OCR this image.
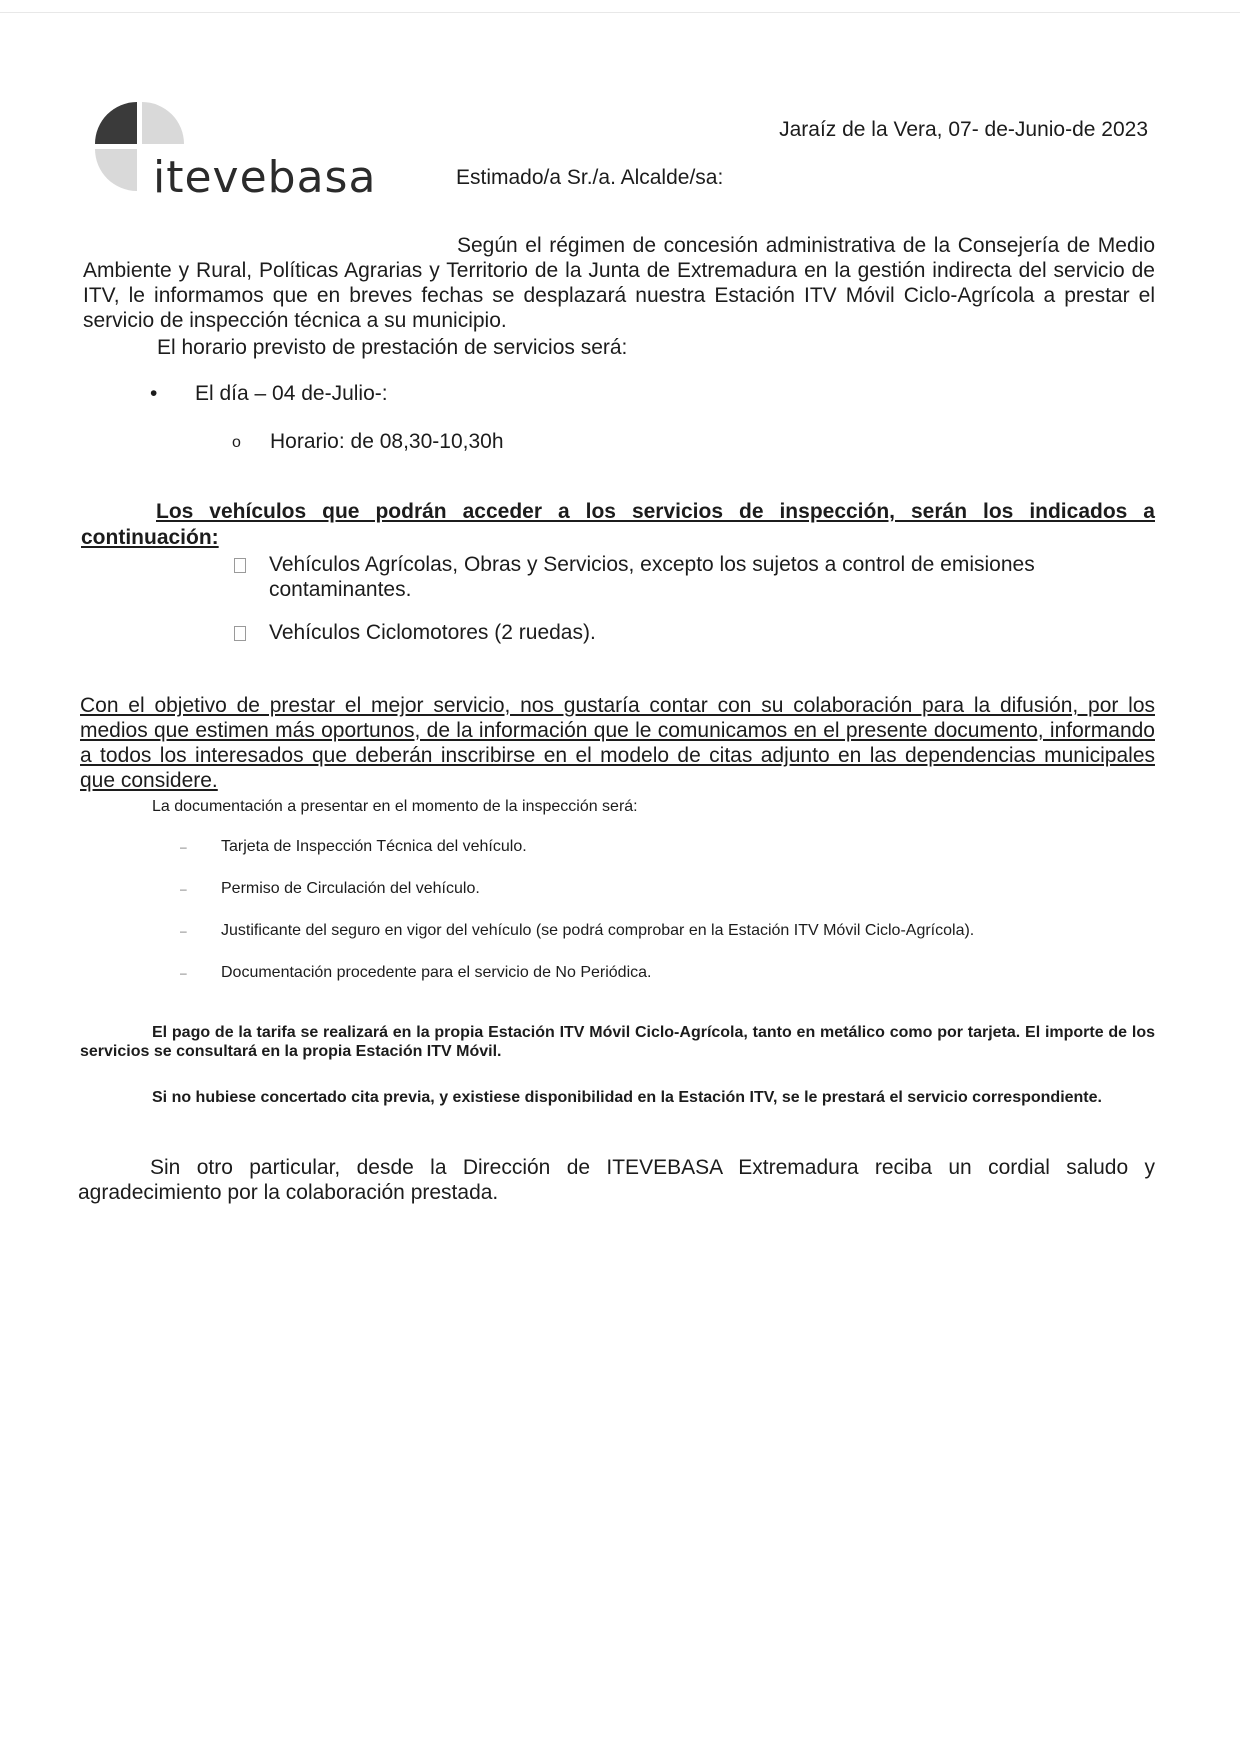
itevebasa
Jaraíz de la Vera, 07- de-Junio-de 2023
Estimado/a Sr./a. Alcalde/sa:

Según el régimen de concesión administrativa de la Consejería de Medio Ambiente y Rural, Políticas Agrarias y Territorio de la Junta de Extremadura en la gestión indirecta del servicio de ITV, le informamos que en breves fechas se desplazará nuestra Estación ITV Móvil Ciclo-Agrícola a prestar el servicio de inspección técnica a su municipio.

El horario previsto de prestación de servicios será:
•	El día – 04 de-Julio-:
o	Horario: de 08,30-10,30h

Los vehículos que podrán acceder a los servicios de inspección, serán los indicados a continuación:

Vehículos Agrícolas, Obras y Servicios, excepto los sujetos a control de emisiones contaminantes.
Vehículos Ciclomotores (2 ruedas).

Con el objetivo de prestar el mejor servicio, nos gustaría contar con su colaboración para la difusión, por los medios que estimen más oportunos, de la información que le comunicamos en el presente documento, informando a todos los interesados que deberán inscribirse en el modelo de citas adjunto en las dependencias municipales que considere.

La documentación a presentar en el momento de la inspección será:
–	Tarjeta de Inspección Técnica del vehículo.
–	Permiso de Circulación del vehículo.
–	Justificante del seguro en vigor del vehículo (se podrá comprobar en la Estación ITV Móvil Ciclo-Agrícola).
–	Documentación procedente para el servicio de No Periódica.

El pago de la tarifa se realizará en la propia Estación ITV Móvil Ciclo-Agrícola, tanto en metálico como por tarjeta. El importe de los servicios se consultará en la propia Estación ITV Móvil.

Si no hubiese concertado cita previa, y existiese disponibilidad en la Estación ITV, se le prestará el servicio correspondiente.

Sin otro particular, desde la Dirección de ITEVEBASA Extremadura reciba un cordial saludo y agradecimiento por la colaboración prestada.
